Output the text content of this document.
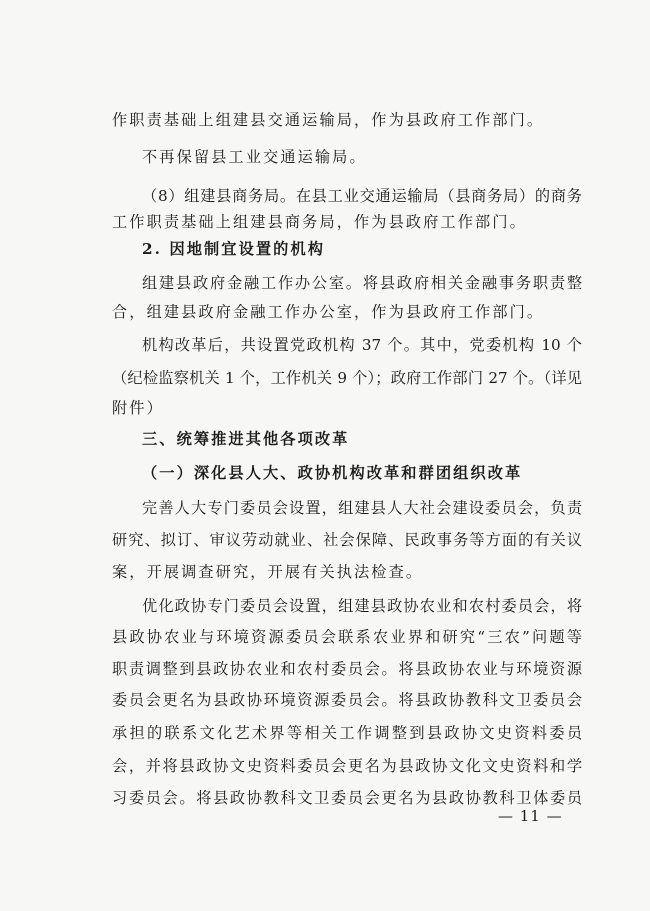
作职责基础上组建县交通运输局，作为县政府工作部门。
不再保留县工业交通运输局。
（8）组建县商务局。在县工业交通运输局（县商务局）的商务
工作职责基础上组建县商务局，作为县政府工作部门。
2. 因地制宜设置的机构
组建县政府金融工作办公室。将县政府相关金融事务职责整
合，组建县政府金融工作办公室，作为县政府工作部门。
机构改革后，共设置党政机构 37 个。其中，党委机构 10 个
（纪检监察机关 1 个，工作机关 9 个）；政府工作部门 27 个。（详见
附件）
三、统筹推进其他各项改革
（一）深化县人大、政协机构改革和群团组织改革
完善人大专门委员会设置，组建县人大社会建设委员会，负责
研究、拟订、审议劳动就业、社会保障、民政事务等方面的有关议
案，开展调查研究，开展有关执法检查。
优化政协专门委员会设置，组建县政协农业和农村委员会，将
县政协农业与环境资源委员会联系农业界和研究“三农”问题等
职责调整到县政协农业和农村委员会。将县政协农业与环境资源
委员会更名为县政协环境资源委员会。将县政协教科文卫委员会
承担的联系文化艺术界等相关工作调整到县政协文史资料委员
会，并将县政协文史资料委员会更名为县政协文化文史资料和学
习委员会。将县政协教科文卫委员会更名为县政协教科卫体委员
— 11 —
